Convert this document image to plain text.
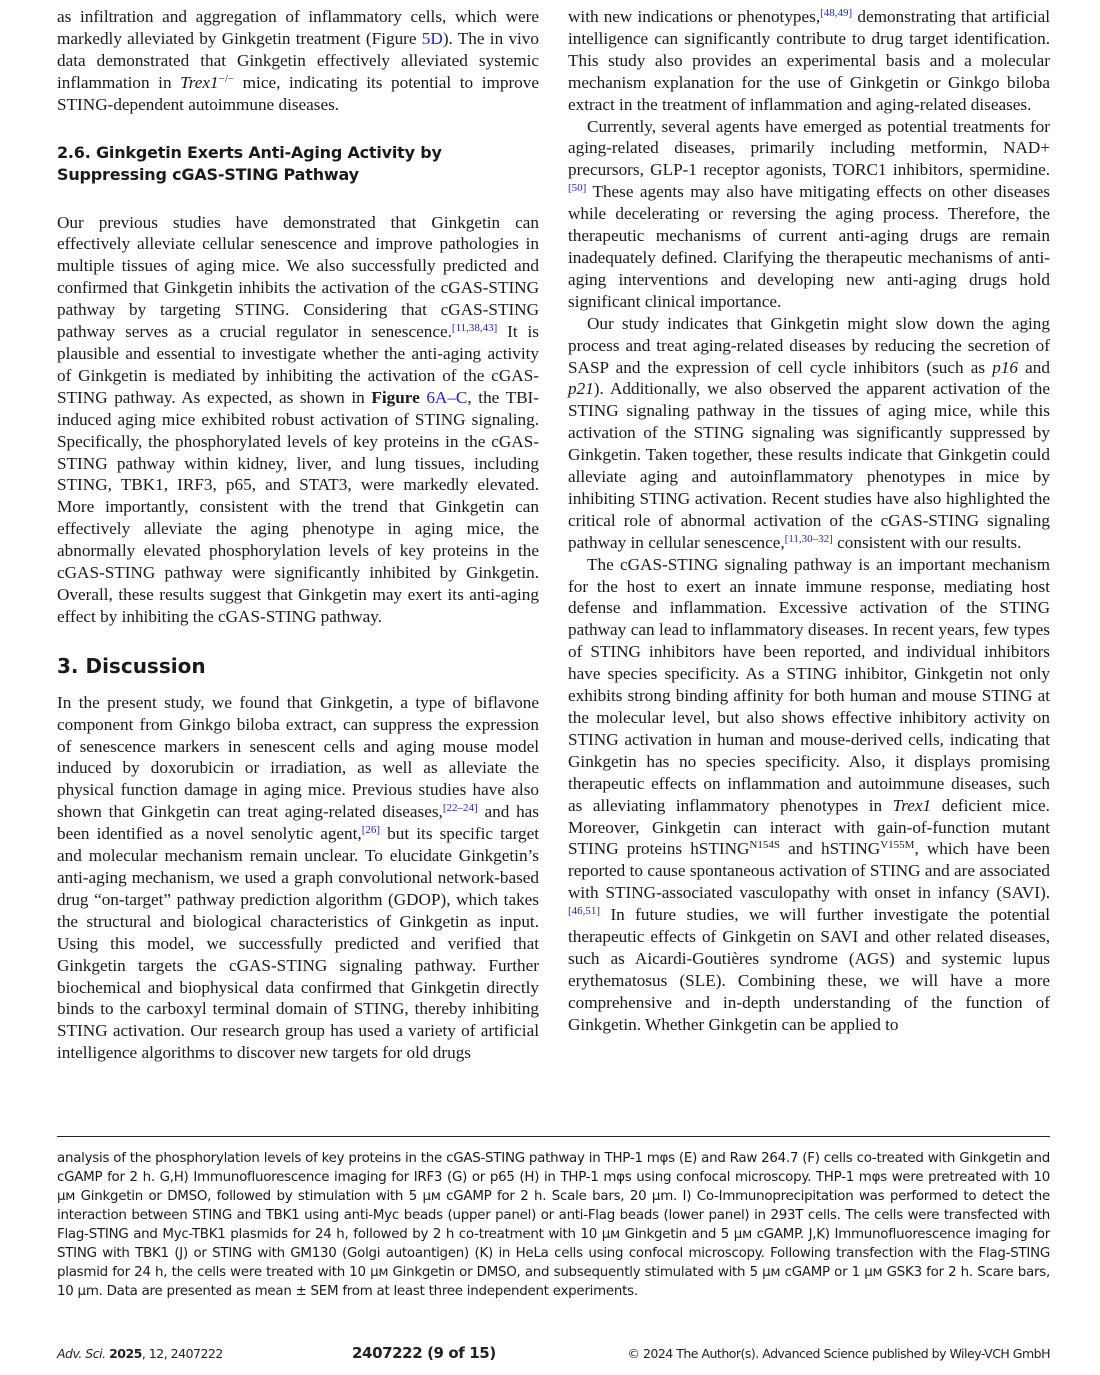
as infiltration and aggregation of inflammatory cells, which were markedly alleviated by Ginkgetin treatment (Figure 5D). The in vivo data demonstrated that Ginkgetin effectively alleviated systemic inflammation in Trex1−/− mice, indicating its potential to improve STING-dependent autoimmune diseases.

2.6. Ginkgetin Exerts Anti-Aging Activity by Suppressing cGAS-STING Pathway

Our previous studies have demonstrated that Ginkgetin can effectively alleviate cellular senescence and improve pathologies in multiple tissues of aging mice. We also successfully predicted and confirmed that Ginkgetin inhibits the activation of the cGAS-STING pathway by targeting STING. Considering that cGAS-STING pathway serves as a crucial regulator in senescence.[11,38,43] It is plausible and essential to investigate whether the anti-aging activity of Ginkgetin is mediated by inhibiting the activation of the cGAS-STING pathway. As expected, as shown in Figure 6A–C, the TBI-induced aging mice exhibited robust activation of STING signaling. Specifically, the phosphorylated levels of key proteins in the cGAS-STING pathway within kidney, liver, and lung tissues, including STING, TBK1, IRF3, p65, and STAT3, were markedly elevated. More importantly, consistent with the trend that Ginkgetin can effectively alleviate the aging phenotype in aging mice, the abnormally elevated phosphorylation levels of key proteins in the cGAS-STING pathway were significantly inhibited by Ginkgetin. Overall, these results suggest that Ginkgetin may exert its anti-aging effect by inhibiting the cGAS-STING pathway.

3. Discussion

In the present study, we found that Ginkgetin, a type of biflavone component from Ginkgo biloba extract, can suppress the expression of senescence markers in senescent cells and aging mouse model induced by doxorubicin or irradiation, as well as alleviate the physical function damage in aging mice. Previous studies have also shown that Ginkgetin can treat aging-related diseases,[22–24] and has been identified as a novel senolytic agent,[26] but its specific target and molecular mechanism remain unclear. To elucidate Ginkgetin’s anti-aging mechanism, we used a graph convolutional network-based drug “on-target” pathway prediction algorithm (GDOP), which takes the structural and biological characteristics of Ginkgetin as input. Using this model, we successfully predicted and verified that Ginkgetin targets the cGAS-STING signaling pathway. Further biochemical and biophysical data confirmed that Ginkgetin directly binds to the carboxyl terminal domain of STING, thereby inhibiting STING activation. Our research group has used a variety of artificial intelligence algorithms to discover new targets for old drugs

with new indications or phenotypes,[48,49] demonstrating that artificial intelligence can significantly contribute to drug target identification. This study also provides an experimental basis and a molecular mechanism explanation for the use of Ginkgetin or Ginkgo biloba extract in the treatment of inflammation and aging-related diseases.

Currently, several agents have emerged as potential treatments for aging-related diseases, primarily including metformin, NAD+ precursors, GLP-1 receptor agonists, TORC1 inhibitors, spermidine.[50] These agents may also have mitigating effects on other diseases while decelerating or reversing the aging process. Therefore, the therapeutic mechanisms of current anti-aging drugs are remain inadequately defined. Clarifying the therapeutic mechanisms of anti-aging interventions and developing new anti-aging drugs hold significant clinical importance.

Our study indicates that Ginkgetin might slow down the aging process and treat aging-related diseases by reducing the secretion of SASP and the expression of cell cycle inhibitors (such as p16 and p21). Additionally, we also observed the apparent activation of the STING signaling pathway in the tissues of aging mice, while this activation of the STING signaling was significantly suppressed by Ginkgetin. Taken together, these results indicate that Ginkgetin could alleviate aging and autoinflammatory phenotypes in mice by inhibiting STING activation. Recent studies have also highlighted the critical role of abnormal activation of the cGAS-STING signaling pathway in cellular senescence,[11,30–32] consistent with our results.

The cGAS-STING signaling pathway is an important mechanism for the host to exert an innate immune response, mediating host defense and inflammation. Excessive activation of the STING pathway can lead to inflammatory diseases. In recent years, few types of STING inhibitors have been reported, and individual inhibitors have species specificity. As a STING inhibitor, Ginkgetin not only exhibits strong binding affinity for both human and mouse STING at the molecular level, but also shows effective inhibitory activity on STING activation in human and mouse-derived cells, indicating that Ginkgetin has no species specificity. Also, it displays promising therapeutic effects on inflammation and autoimmune diseases, such as alleviating inflammatory phenotypes in Trex1 deficient mice. Moreover, Ginkgetin can interact with gain-of-function mutant STING proteins hSTING$^{N154S}$ and hSTING$^{V155M}$, which have been reported to cause spontaneous activation of STING and are associated with STING-associated vasculopathy with onset in infancy (SAVI).[46,51] In future studies, we will further investigate the potential therapeutic effects of Ginkgetin on SAVI and other related diseases, such as Aicardi-Goutières syndrome (AGS) and systemic lupus erythematosus (SLE). Combining these, we will have a more comprehensive and in-depth understanding of the function of Ginkgetin. Whether Ginkgetin can be applied to

analysis of the phosphorylation levels of key proteins in the cGAS-STING pathway in THP-1 mφs (E) and Raw 264.7 (F) cells co-treated with Ginkgetin and cGAMP for 2 h. G,H) Immunofluorescence imaging for IRF3 (G) or p65 (H) in THP-1 mφs using confocal microscopy. THP-1 mφs were pretreated with 10 µᴍ Ginkgetin or DMSO, followed by stimulation with 5 µᴍ cGAMP for 2 h. Scale bars, 20 µm. I) Co-Immunoprecipitation was performed to detect the interaction between STING and TBK1 using anti-Myc beads (upper panel) or anti-Flag beads (lower panel) in 293T cells. The cells were transfected with Flag-STING and Myc-TBK1 plasmids for 24 h, followed by 2 h co-treatment with 10 µᴍ Ginkgetin and 5 µᴍ cGAMP. J,K) Immunofluorescence imaging for STING with TBK1 (J) or STING with GM130 (Golgi autoantigen) (K) in HeLa cells using confocal microscopy. Following transfection with the Flag-STING plasmid for 24 h, the cells were treated with 10 µᴍ Ginkgetin or DMSO, and subsequently stimulated with 5 µᴍ cGAMP or 1 µᴍ GSK3 for 2 h. Scare bars, 10 µm. Data are presented as mean ± SEM from at least three independent experiments.
Adv. Sci. 2025, 12, 2407222	2407222 (9 of 15)	© 2024 The Author(s). Advanced Science published by Wiley-VCH GmbH
